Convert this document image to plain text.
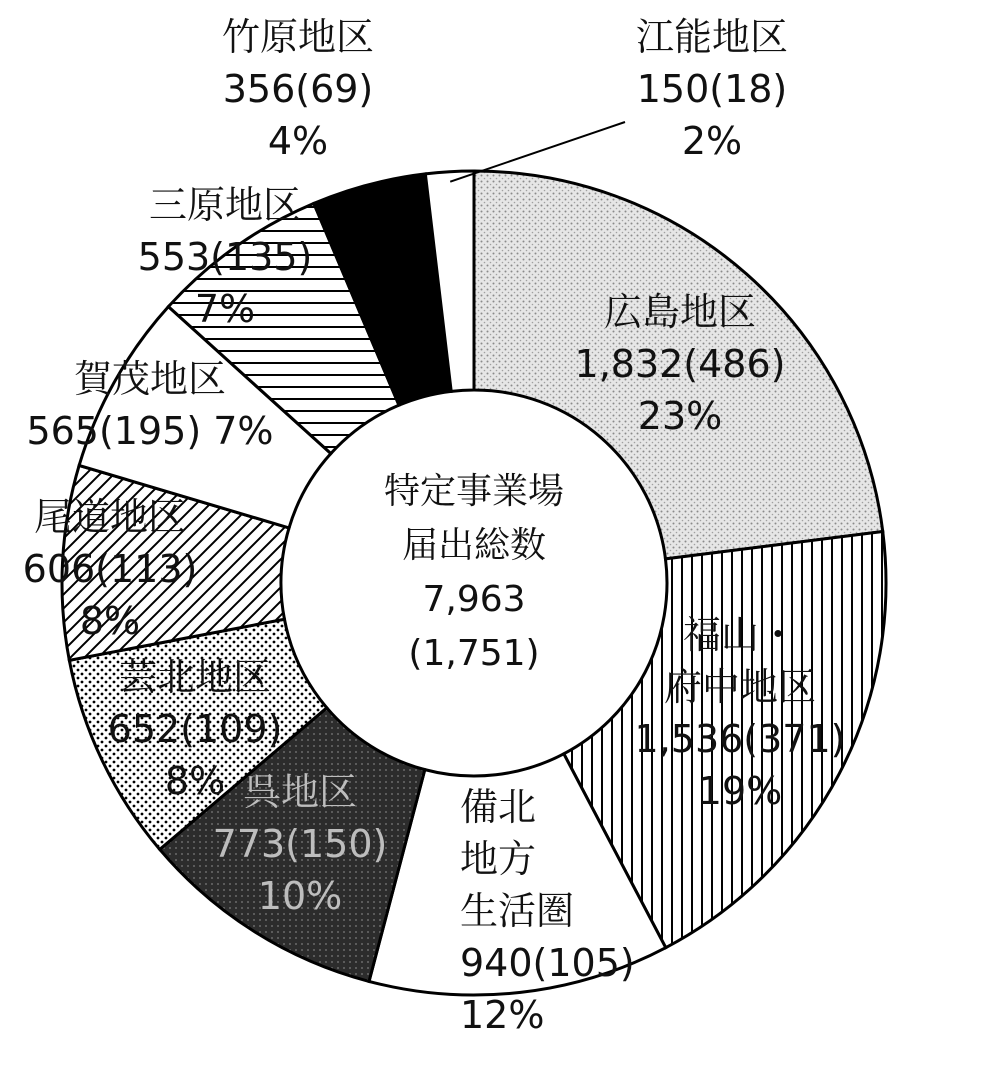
広島地区
1,832(486)
23%
福山・
府中地区
1,536(371)
19%
備北
地方
生活圏
940(105)
12%
呉地区
773(150)
10%
芸北地区
652(109)
8%
尾道地区
606(113)
8%
賀茂地区
565(195) 7%
三原地区
553(135)
7%
竹原地区
356(69)
4%
江能地区
150(18)
2%
特定事業場
届出総数
7,963
(1,751)
